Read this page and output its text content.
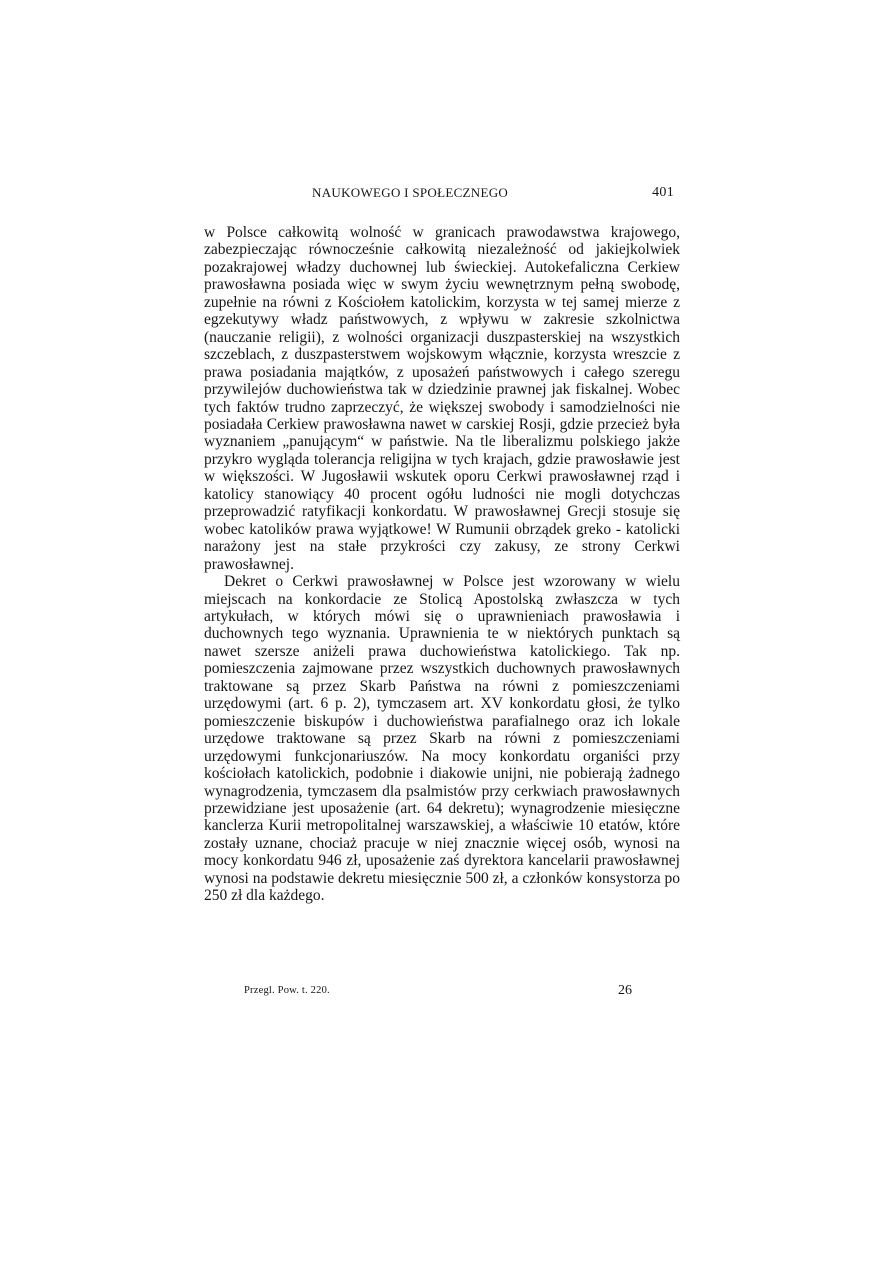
NAUKOWEGO I SPOŁECZNEGO	401

w Polsce całkowitą wolność w granicach prawodawstwa krajowego, zabezpieczając równocześnie całkowitą niezależność od jakiejkolwiek pozakrajowej władzy duchownej lub świeckiej. Autokefaliczna Cerkiew prawosławna posiada więc w swym życiu wewnętrznym pełną swobodę, zupełnie na równi z Kościołem katolickim, korzysta w tej samej mierze z egzekutywy władz państwowych, z wpływu w zakresie szkolnictwa (nauczanie religii), z wolności organizacji duszpasterskiej na wszystkich szczeblach, z duszpasterstwem wojskowym włącznie, korzysta wreszcie z prawa posiadania majątków, z uposażeń państwowych i całego szeregu przywilejów duchowieństwa tak w dziedzinie prawnej jak fiskalnej. Wobec tych faktów trudno zaprzeczyć, że większej swobody i samodzielności nie posiadała Cerkiew prawosławna nawet w carskiej Rosji, gdzie przecież była wyznaniem „panującym“ w państwie. Na tle liberalizmu polskiego jakże przykro wygląda tolerancja religijna w tych krajach, gdzie prawosławie jest w większości. W Jugosławii wskutek oporu Cerkwi prawosławnej rząd i katolicy stanowiący 40 procent ogółu ludności nie mogli dotychczas przeprowadzić ratyfikacji konkordatu. W prawosławnej Grecji stosuje się wobec katolików prawa wyjątkowe! W Rumunii obrządek greko - katolicki narażony jest na stałe przykrości czy zakusy, ze strony Cerkwi prawosławnej.

Dekret o Cerkwi prawosławnej w Polsce jest wzorowany w wielu miejscach na konkordacie ze Stolicą Apostolską zwłaszcza w tych artykułach, w których mówi się o uprawnieniach prawosławia i duchownych tego wyznania. Uprawnienia te w niektórych punktach są nawet szersze aniżeli prawa duchowieństwa katolickiego. Tak np. pomieszczenia zajmowane przez wszystkich duchownych prawosławnych traktowane są przez Skarb Państwa na równi z pomieszczeniami urzędowymi (art. 6 p. 2), tymczasem art. XV konkordatu głosi, że tylko pomieszczenie biskupów i duchowieństwa parafialnego oraz ich lokale urzędowe traktowane są przez Skarb na równi z pomieszczeniami urzędowymi funkcjonariuszów. Na mocy konkordatu organiści przy kościołach katolickich, podobnie i diakowie unijni, nie pobierają żadnego wynagrodzenia, tymczasem dla psalmistów przy cerkwiach prawosławnych przewidziane jest uposażenie (art. 64 dekretu); wynagrodzenie miesięczne kanclerza Kurii metropolitalnej warszawskiej, a właściwie 10 etatów, które zostały uznane, chociaż pracuje w niej znacznie więcej osób, wynosi na mocy konkordatu 946 zł, uposażenie zaś dyrektora kancelarii prawosławnej wynosi na podstawie dekretu miesięcznie 500 zł, a członków konsystorza po 250 zł dla każdego.

Przegl. Pow. t. 220.	26
